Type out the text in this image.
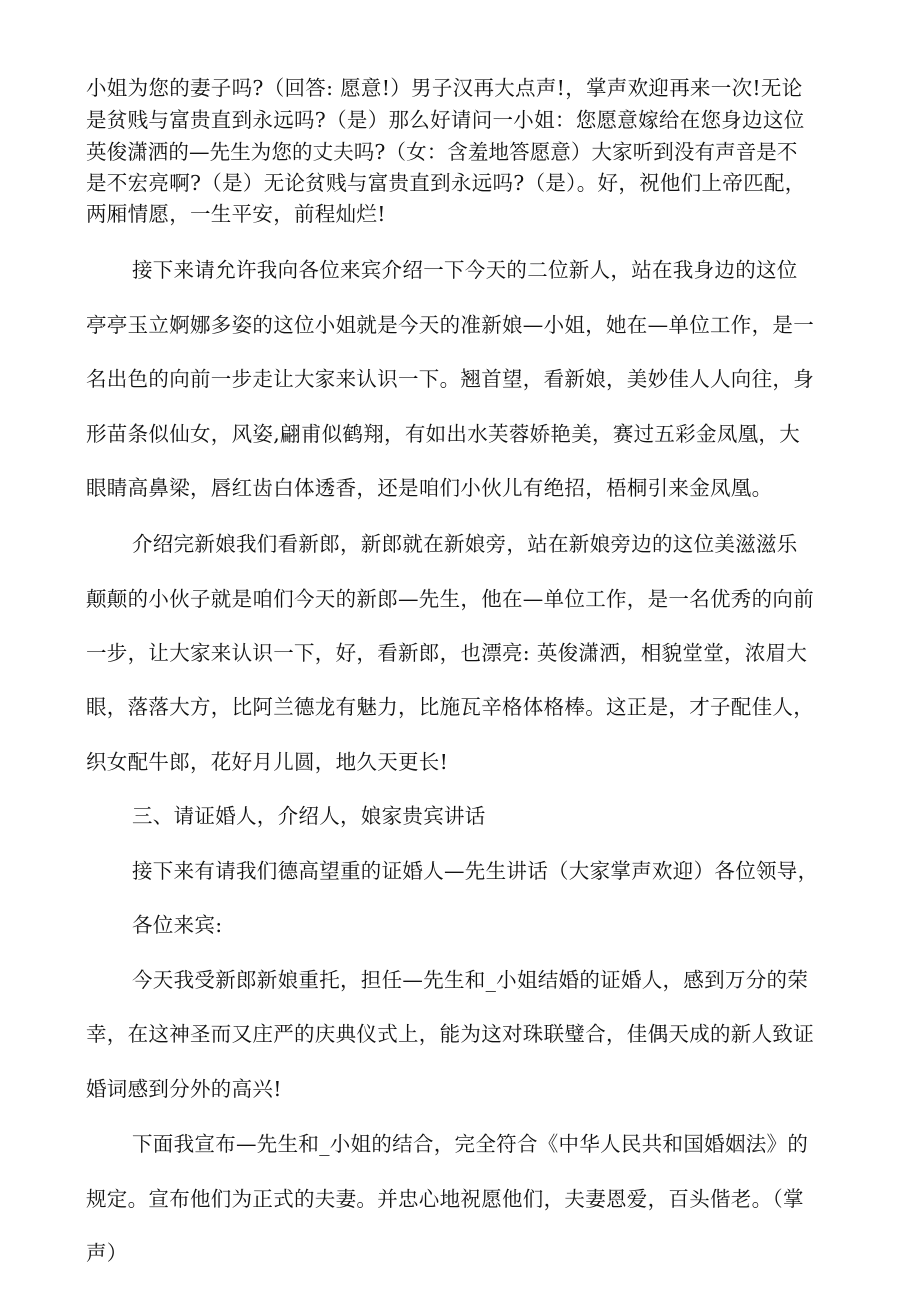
小姐为您的妻子吗?（回答: 愿意!）男子汉再大点声!，掌声欢迎再来一次!无论
是贫贱与富贵直到永远吗?（是）那么好请问一小姐：您愿意嫁给在您身边这位
英俊潇洒的—先生为您的丈夫吗?（女：含羞地答愿意）大家听到没有声音是不
是不宏亮啊?（是）无论贫贱与富贵直到永远吗?（是）。好，祝他们上帝匹配，
两厢情愿，一生平安，前程灿烂!
接下来请允许我向各位来宾介绍一下今天的二位新人，站在我身边的这位
亭亭玉立婀娜多姿的这位小姐就是今天的准新娘—小姐，她在—单位工作，是一
名出色的向前一步走让大家来认识一下。翘首望，看新娘，美妙佳人人向往，身
形苗条似仙女，风姿,翩甫似鹤翔，有如出水芙蓉娇艳美，赛过五彩金凤凰，大
眼睛高鼻梁，唇红齿白体透香，还是咱们小伙儿有绝招，梧桐引来金凤凰。
介绍完新娘我们看新郎，新郎就在新娘旁，站在新娘旁边的这位美滋滋乐
颠颠的小伙子就是咱们今天的新郎—先生，他在—单位工作，是一名优秀的向前
一步，让大家来认识一下，好，看新郎，也漂亮: 英俊潇洒，相貌堂堂，浓眉大
眼，落落大方，比阿兰德龙有魅力，比施瓦辛格体格棒。这正是，才子配佳人，
织女配牛郎，花好月儿圆，地久天更长!
三、请证婚人，介绍人，娘家贵宾讲话
接下来有请我们德高望重的证婚人—先生讲话（大家掌声欢迎）各位领导，
各位来宾:
今天我受新郎新娘重托，担任—先生和_小姐结婚的证婚人，感到万分的荣
幸，在这神圣而又庄严的庆典仪式上，能为这对珠联璧合，佳偶天成的新人致证
婚词感到分外的高兴!
下面我宣布—先生和_小姐的结合，完全符合《中华人民共和国婚姻法》的
规定。宣布他们为正式的夫妻。并忠心地祝愿他们，夫妻恩爱，百头偕老。（掌
声）
